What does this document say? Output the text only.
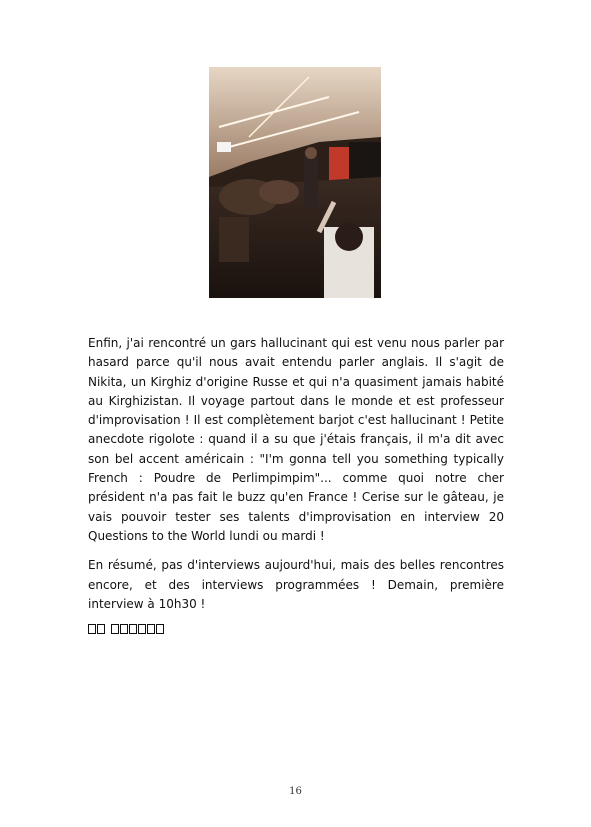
Enfin, j'ai rencontré un gars hallucinant qui est venu nous parler par hasard parce qu'il nous avait entendu parler anglais. Il s'agit de Nikita, un Kirghiz d'origine Russe et qui n'a quasiment jamais habité au Kirghizistan. Il voyage partout dans le monde et est professeur d'improvisation ! Il est complètement barjot c'est hallucinant ! Petite anecdote rigolote : quand il a su que j'étais français, il m'a dit avec son bel accent américain : "I'm gonna tell you something typically French : Poudre de Perlimpimpim"... comme quoi notre cher président n'a pas fait le buzz qu'en France ! Cerise sur le gâteau, je vais pouvoir tester ses talents d'improvisation en interview 20 Questions to the World lundi ou mardi !

En résumé, pas d'interviews aujourd'hui, mais des belles rencontres encore, et des interviews programmées ! Demain, première interview à 10h30 !

16
